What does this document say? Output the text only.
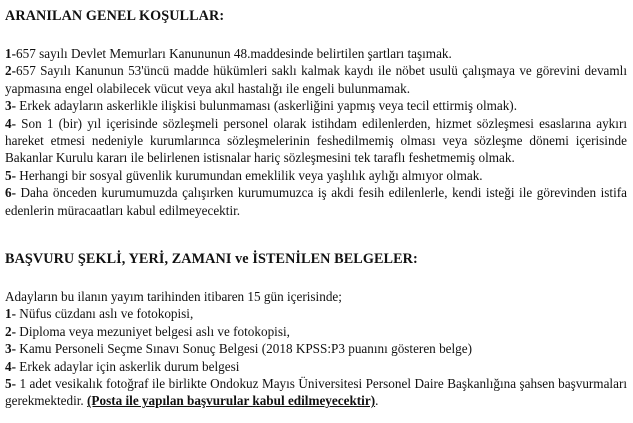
ARANILAN GENEL KOŞULLAR:

1-657 sayılı Devlet Memurları Kanununun 48.maddesinde belirtilen şartları taşımak.

2-657 Sayılı Kanunun 53'üncü madde hükümleri saklı kalmak kaydı ile nöbet usulü çalışmaya ve görevini devamlı yapmasına engel olabilecek vücut veya akıl hastalığı ile engeli bulunmamak.

3- Erkek adayların askerlikle ilişkisi bulunmaması (askerliğini yapmış veya tecil ettirmiş olmak).

4- Son 1 (bir) yıl içerisinde sözleşmeli personel olarak istihdam edilenlerden, hizmet sözleşmesi esaslarına aykırı hareket etmesi nedeniyle kurumlarınca sözleşmelerinin feshedilmemiş olması veya sözleşme dönemi içerisinde Bakanlar Kurulu kararı ile belirlenen istisnalar hariç sözleşmesini tek taraflı feshetmemiş olmak.

5- Herhangi bir sosyal güvenlik kurumundan emeklilik veya yaşlılık aylığı almıyor olmak.

6- Daha önceden kurumumuzda çalışırken kurumumuzca iş akdi fesih edilenlerle, kendi isteği ile görevinden istifa edenlerin müracaatları kabul edilmeyecektir.

BAŞVURU ŞEKLİ, YERİ, ZAMANI ve İSTENİLEN BELGELER:

Adayların bu ilanın yayım tarihinden itibaren 15 gün içerisinde;

1- Nüfus cüzdanı aslı ve fotokopisi,

2- Diploma veya mezuniyet belgesi aslı ve fotokopisi,

3- Kamu Personeli Seçme Sınavı Sonuç Belgesi (2018 KPSS:P3 puanını gösteren belge)

4- Erkek adaylar için askerlik durum belgesi

5- 1 adet vesikalık fotoğraf ile birlikte Ondokuz Mayıs Üniversitesi Personel Daire Başkanlığına şahsen başvurmaları gerekmektedir. (Posta ile yapılan başvurular kabul edilmeyecektir).
